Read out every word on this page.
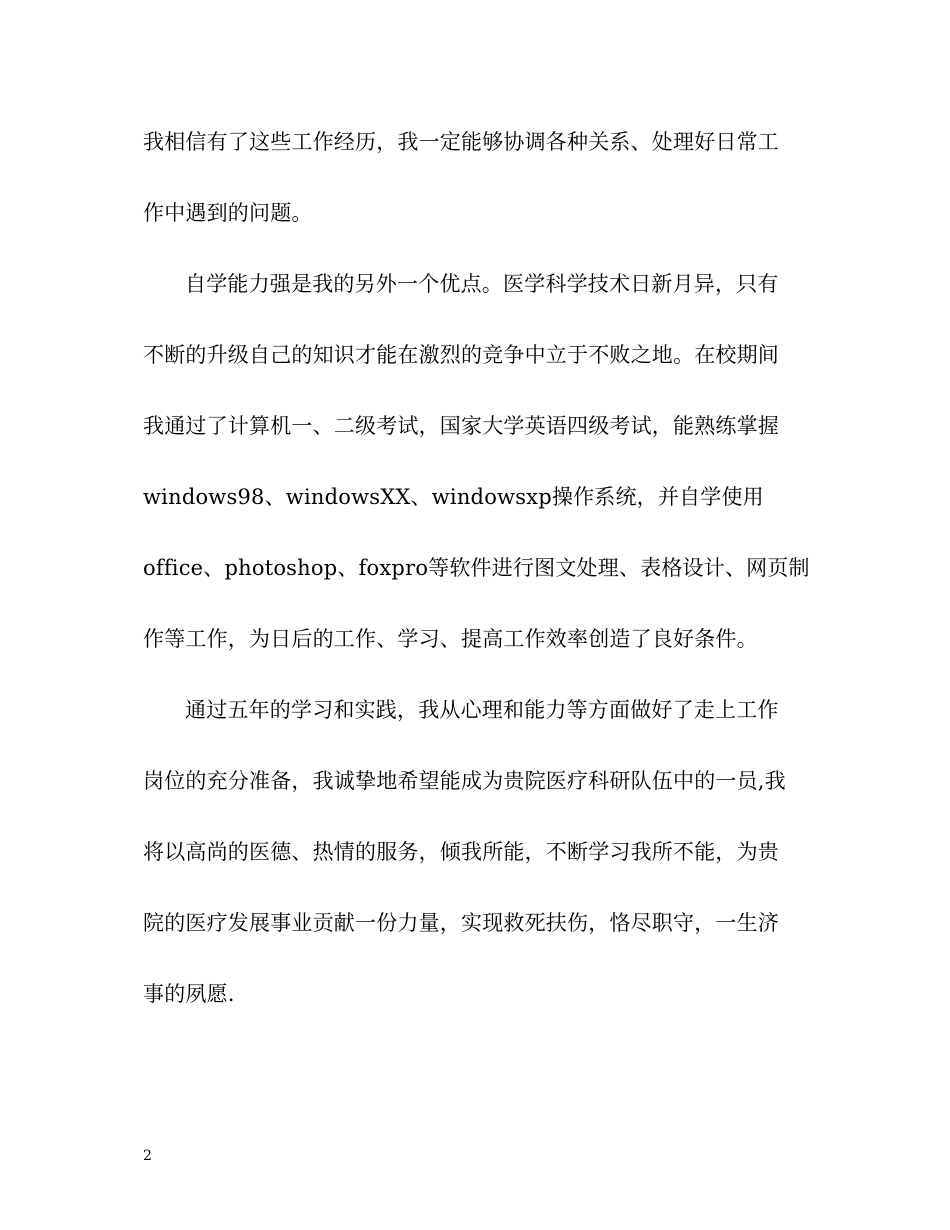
我相信有了这些工作经历，我一定能够协调各种关系、处理好日常工
作中遇到的问题。
自学能力强是我的另外一个优点。医学科学技术日新月异，只有
不断的升级自己的知识才能在激烈的竞争中立于不败之地。在校期间
我通过了计算机一、二级考试，国家大学英语四级考试，能熟练掌握
windows98、windowsXX、windowsxp操作系统，并自学使用
office、photoshop、foxpro等软件进行图文处理、表格设计、网页制
作等工作，为日后的工作、学习、提高工作效率创造了良好条件。
通过五年的学习和实践，我从心理和能力等方面做好了走上工作
岗位的充分准备，我诚挚地希望能成为贵院医疗科研队伍中的一员,我
将以高尚的医德、热情的服务，倾我所能，不断学习我所不能，为贵
院的医疗发展事业贡献一份力量，实现救死扶伤，恪尽职守，一生济
事的夙愿.
2
